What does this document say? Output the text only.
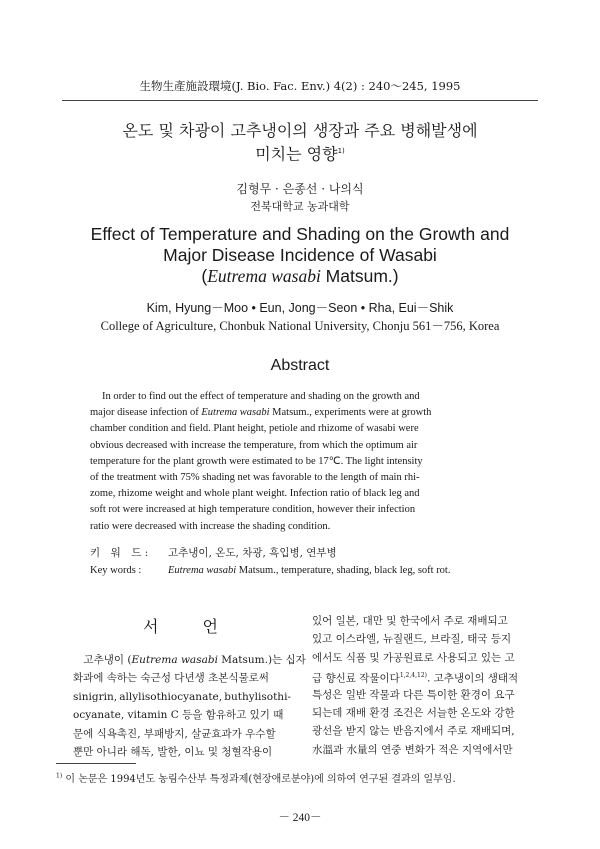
生物生產施設環境(J. Bio. Fac. Env.) 4(2) : 240～245, 1995
온도 및 차광이 고추냉이의 생장과 주요 병해발생에
미치는 영향$^{1)}$
김형무 · 은종선 · 나의식
전북대학교 농과대학
Effect of Temperature and Shading on the Growth and
Major Disease Incidence of Wasabi
(Eutrema wasabi Matsum.)
Kim, Hyung－Moo • Eun, Jong－Seon • Rha, Eui－Shik
College of Agriculture, Chonbuk National University, Chonju 561－756, Korea
Abstract
In order to find out the effect of temperature and shading on the growth and
major disease infection of Eutrema wasabi Matsum., experiments were at growth
chamber condition and field. Plant height, petiole and rhizome of wasabi were
obvious decreased with increase the temperature, from which the optimum air
temperature for the plant growth were estimated to be 17℃. The light intensity
of the treatment with 75% shading net was favorable to the length of main rhi-
zome, rhizome weight and whole plant weight. Infection ratio of black leg and
soft rot were increased at high temperature condition, however their infection
ratio were decreased with increase the shading condition.
키　워　드 : 고추냉이, 온도, 차광, 흑입병, 연부병
Key words :	Eutrema wasabi Matsum., temperature, shading, black leg, soft rot.
서　언
 고추냉이 (Eutrema wasabi Matsum.)는 십자
화과에 속하는 숙근성 다년생 초본식물로써
sinigrin, allylisothiocyanate, buthylisothi-
ocyanate, vitamin C 등을 함유하고 있기 때
문에 식욕촉진, 부패방지, 살균효과가 우수할
뿐만 아니라 해독, 발한, 이뇨 및 청혈작용이
있어 일본, 대만 및 한국에서 주로 재배되고
있고 이스라엘, 뉴질랜드, 브라질, 태국 등지
에서도 식품 및 가공원료로 사용되고 있는 고
급 향신료 작물이다$^{1,2,4,12)}$. 고추냉이의 생태적
특성은 일반 작물과 다른 특이한 환경이 요구
되는데 재배 환경 조건은 서늘한 온도와 강한
광선을 받지 않는 반음지에서 주로 재배되며,
水溫과 水量의 연중 변화가 적은 지역에서만
$^{1)}$ 이 논문은 1994년도 농림수산부 특정과제(현장애로분야)에 의하여 연구된 결과의 일부임.
－ 240－
